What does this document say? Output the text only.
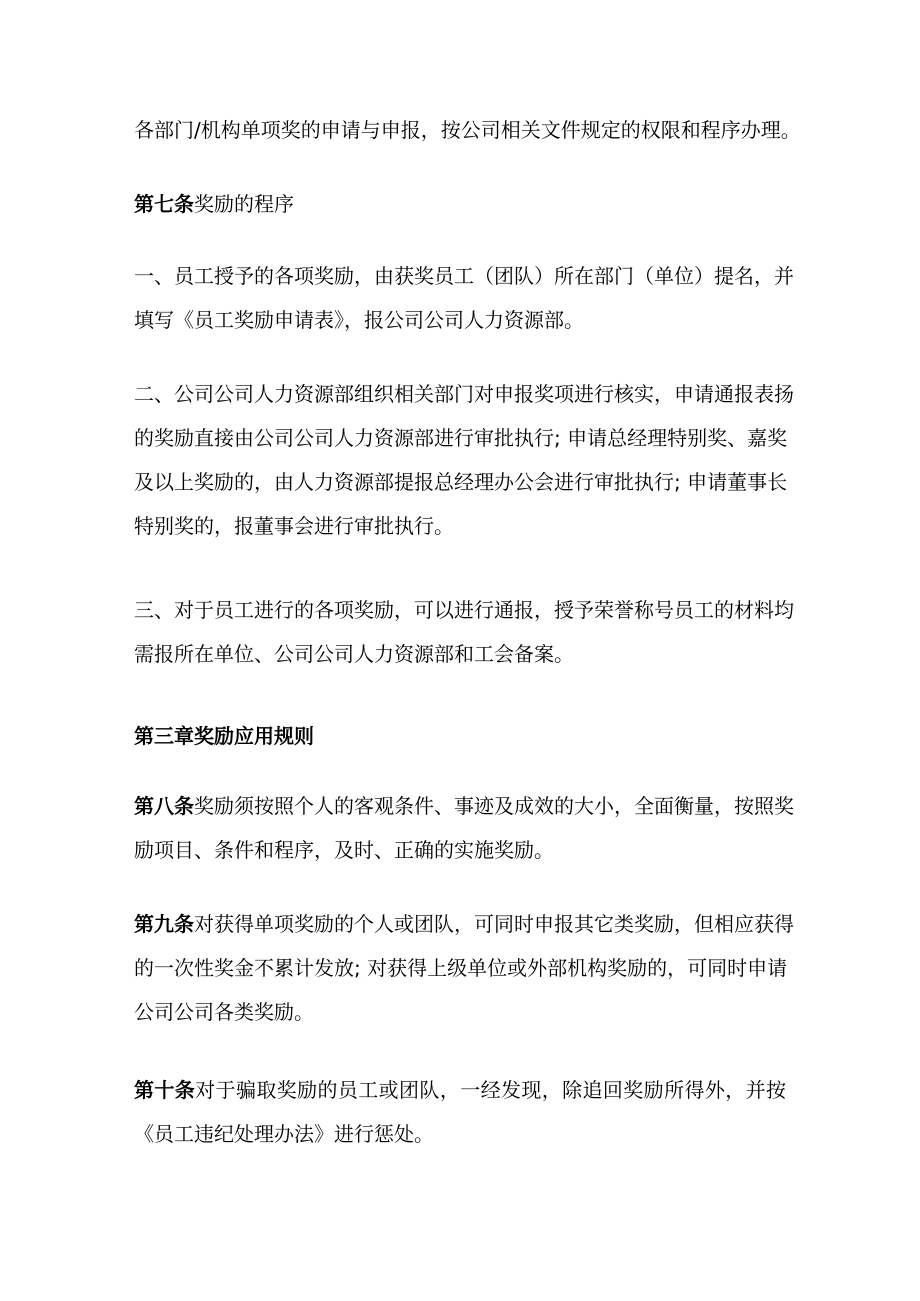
各部门/机构单项奖的申请与申报，按公司相关文件规定的权限和程序办理。

第七条奖励的程序

一、员工授予的各项奖励，由获奖员工（团队）所在部门（单位）提名，并
填写《员工奖励申请表》，报公司公司人力资源部。

二、公司公司人力资源部组织相关部门对申报奖项进行核实，申请通报表扬
的奖励直接由公司公司人力资源部进行审批执行; 申请总经理特别奖、嘉奖
及以上奖励的，由人力资源部提报总经理办公会进行审批执行; 申请董事长
特别奖的，报董事会进行审批执行。

三、对于员工进行的各项奖励，可以进行通报，授予荣誉称号员工的材料均
需报所在单位、公司公司人力资源部和工会备案。

第三章奖励应用规则

第八条奖励须按照个人的客观条件、事迹及成效的大小，全面衡量，按照奖
励项目、条件和程序，及时、正确的实施奖励。

第九条对获得单项奖励的个人或团队，可同时申报其它类奖励，但相应获得
的一次性奖金不累计发放; 对获得上级单位或外部机构奖励的，可同时申请
公司公司各类奖励。

第十条对于骗取奖励的员工或团队，一经发现，除追回奖励所得外，并按
《员工违纪处理办法》进行惩处。
